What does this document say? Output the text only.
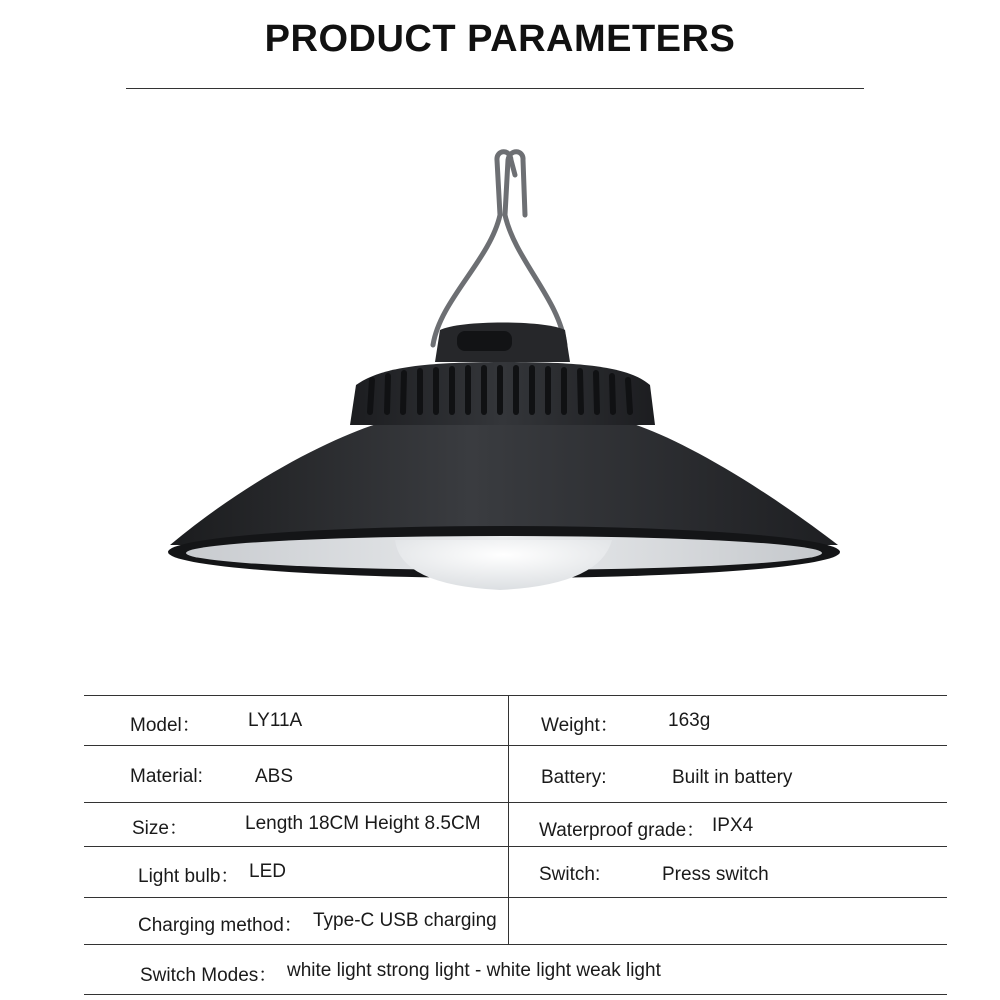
PRODUCT PARAMETERS
Model： LY11A	Weight：	163g
Material:	ABS	Battery:	Built in battery
Size：	Length 18CM Height 8.5CM	Waterproof grade： IPX4
Light bulb： LED	Switch:	Press switch
Charging method： Type-C USB charging
Switch Modes： white light strong light - white light weak light
